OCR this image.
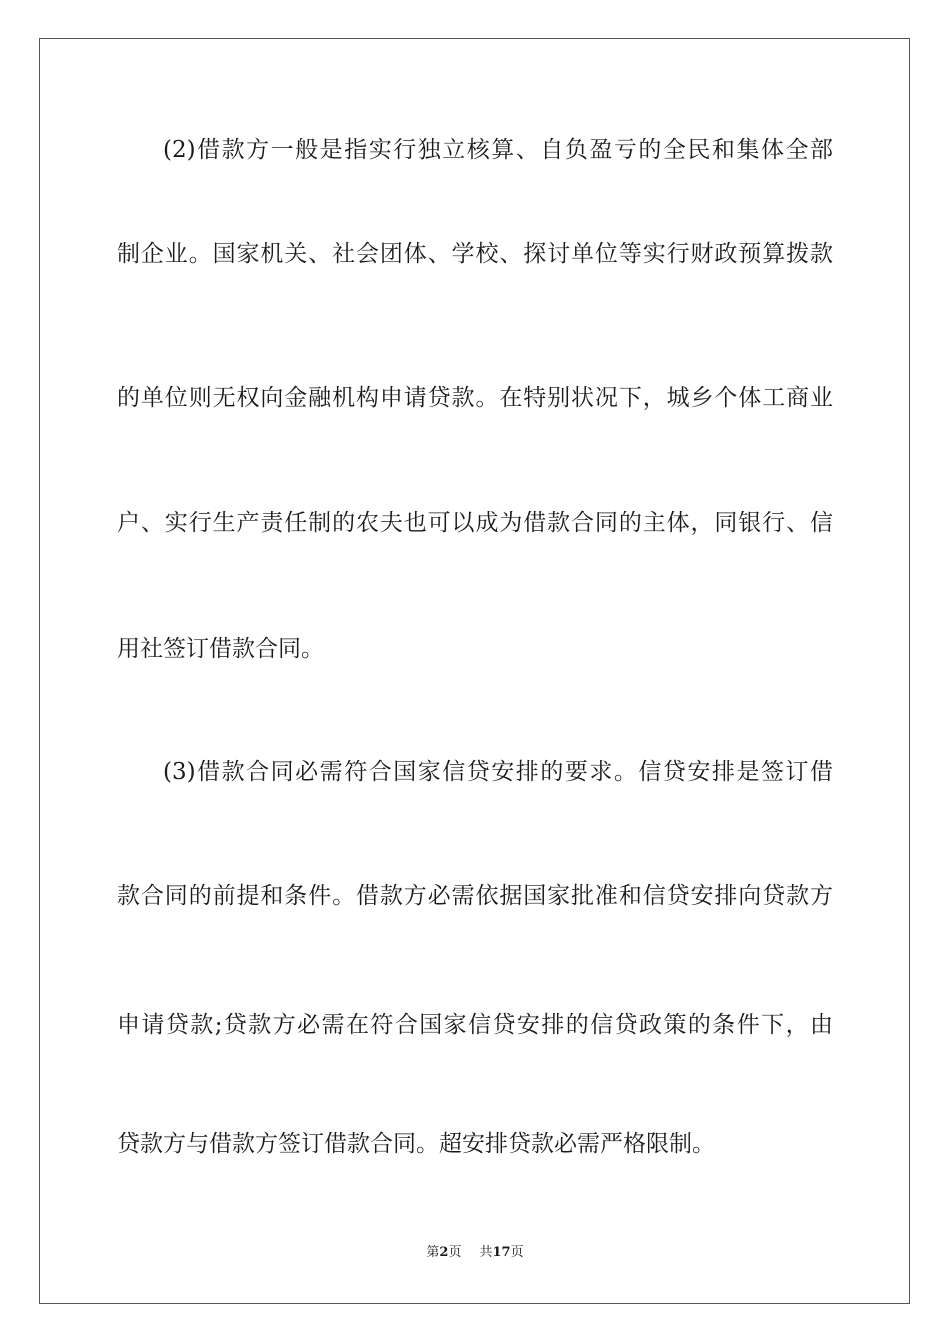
(2)借款方一般是指实行独立核算、自负盈亏的全民和集体全部
制企业。国家机关、社会团体、学校、探讨单位等实行财政预算拨款
的单位则无权向金融机构申请贷款。在特别状况下，城乡个体工商业
户、实行生产责任制的农夫也可以成为借款合同的主体，同银行、信
用社签订借款合同。
(3)借款合同必需符合国家信贷安排的要求。信贷安排是签订借
款合同的前提和条件。借款方必需依据国家批准和信贷安排向贷款方
申请贷款;贷款方必需在符合国家信贷安排的信贷政策的条件下，由
贷款方与借款方签订借款合同。超安排贷款必需严格限制。
第2页 共17页
